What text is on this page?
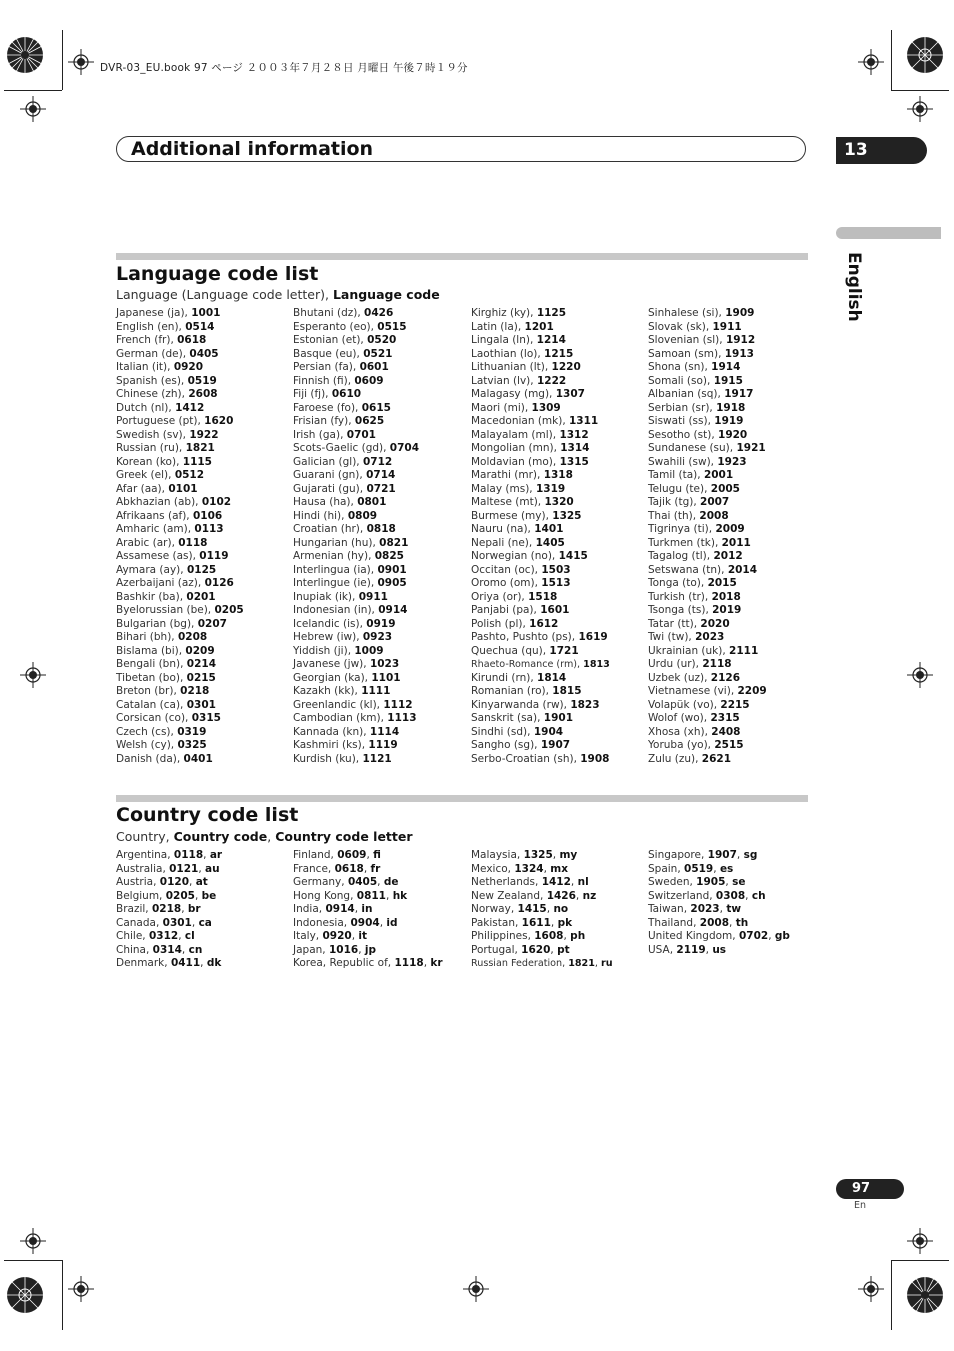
DVR-03_EU.book 97 ページ ２００３年７月２８日 月曜日 午後７時１９分
Additional information	13
English
Language code list
Language (Language code letter), Language code
Japanese (ja), 1001
English (en), 0514
French (fr), 0618
German (de), 0405
Italian (it), 0920
Spanish (es), 0519
Chinese (zh), 2608
Dutch (nl), 1412
Portuguese (pt), 1620
Swedish (sv), 1922
Russian (ru), 1821
Korean (ko), 1115
Greek (el), 0512
Afar (aa), 0101
Abkhazian (ab), 0102
Afrikaans (af), 0106
Amharic (am), 0113
Arabic (ar), 0118
Assamese (as), 0119
Aymara (ay), 0125
Azerbaijani (az), 0126
Bashkir (ba), 0201
Byelorussian (be), 0205
Bulgarian (bg), 0207
Bihari (bh), 0208
Bislama (bi), 0209
Bengali (bn), 0214
Tibetan (bo), 0215
Breton (br), 0218
Catalan (ca), 0301
Corsican (co), 0315
Czech (cs), 0319
Welsh (cy), 0325
Danish (da), 0401
Bhutani (dz), 0426
Esperanto (eo), 0515
Estonian (et), 0520
Basque (eu), 0521
Persian (fa), 0601
Finnish (fi), 0609
Fiji (fj), 0610
Faroese (fo), 0615
Frisian (fy), 0625
Irish (ga), 0701
Scots-Gaelic (gd), 0704
Galician (gl), 0712
Guarani (gn), 0714
Gujarati (gu), 0721
Hausa (ha), 0801
Hindi (hi), 0809
Croatian (hr), 0818
Hungarian (hu), 0821
Armenian (hy), 0825
Interlingua (ia), 0901
Interlingue (ie), 0905
Inupiak (ik), 0911
Indonesian (in), 0914
Icelandic (is), 0919
Hebrew (iw), 0923
Yiddish (ji), 1009
Javanese (jw), 1023
Georgian (ka), 1101
Kazakh (kk), 1111
Greenlandic (kl), 1112
Cambodian (km), 1113
Kannada (kn), 1114
Kashmiri (ks), 1119
Kurdish (ku), 1121
Kirghiz (ky), 1125
Latin (la), 1201
Lingala (ln), 1214
Laothian (lo), 1215
Lithuanian (lt), 1220
Latvian (lv), 1222
Malagasy (mg), 1307
Maori (mi), 1309
Macedonian (mk), 1311
Malayalam (ml), 1312
Mongolian (mn), 1314
Moldavian (mo), 1315
Marathi (mr), 1318
Malay (ms), 1319
Maltese (mt), 1320
Burmese (my), 1325
Nauru (na), 1401
Nepali (ne), 1405
Norwegian (no), 1415
Occitan (oc), 1503
Oromo (om), 1513
Oriya (or), 1518
Panjabi (pa), 1601
Polish (pl), 1612
Pashto, Pushto (ps), 1619
Quechua (qu), 1721
Rhaeto-Romance (rm), 1813
Kirundi (rn), 1814
Romanian (ro), 1815
Kinyarwanda (rw), 1823
Sanskrit (sa), 1901
Sindhi (sd), 1904
Sangho (sg), 1907
Serbo-Croatian (sh), 1908
Sinhalese (si), 1909
Slovak (sk), 1911
Slovenian (sl), 1912
Samoan (sm), 1913
Shona (sn), 1914
Somali (so), 1915
Albanian (sq), 1917
Serbian (sr), 1918
Siswati (ss), 1919
Sesotho (st), 1920
Sundanese (su), 1921
Swahili (sw), 1923
Tamil (ta), 2001
Telugu (te), 2005
Tajik (tg), 2007
Thai (th), 2008
Tigrinya (ti), 2009
Turkmen (tk), 2011
Tagalog (tl), 2012
Setswana (tn), 2014
Tonga (to), 2015
Turkish (tr), 2018
Tsonga (ts), 2019
Tatar (tt), 2020
Twi (tw), 2023
Ukrainian (uk), 2111
Urdu (ur), 2118
Uzbek (uz), 2126
Vietnamese (vi), 2209
Volapük (vo), 2215
Wolof (wo), 2315
Xhosa (xh), 2408
Yoruba (yo), 2515
Zulu (zu), 2621
Country code list
Country, Country code, Country code letter
Argentina, 0118, ar
Australia, 0121, au
Austria, 0120, at
Belgium, 0205, be
Brazil, 0218, br
Canada, 0301, ca
Chile, 0312, cl
China, 0314, cn
Denmark, 0411, dk
Finland, 0609, fi
France, 0618, fr
Germany, 0405, de
Hong Kong, 0811, hk
India, 0914, in
Indonesia, 0904, id
Italy, 0920, it
Japan, 1016, jp
Korea, Republic of, 1118, kr
Malaysia, 1325, my
Mexico, 1324, mx
Netherlands, 1412, nl
New Zealand, 1426, nz
Norway, 1415, no
Pakistan, 1611, pk
Philippines, 1608, ph
Portugal, 1620, pt
Russian Federation, 1821, ru
Singapore, 1907, sg
Spain, 0519, es
Sweden, 1905, se
Switzerland, 0308, ch
Taiwan, 2023, tw
Thailand, 2008, th
United Kingdom, 0702, gb
USA, 2119, us
97
En
